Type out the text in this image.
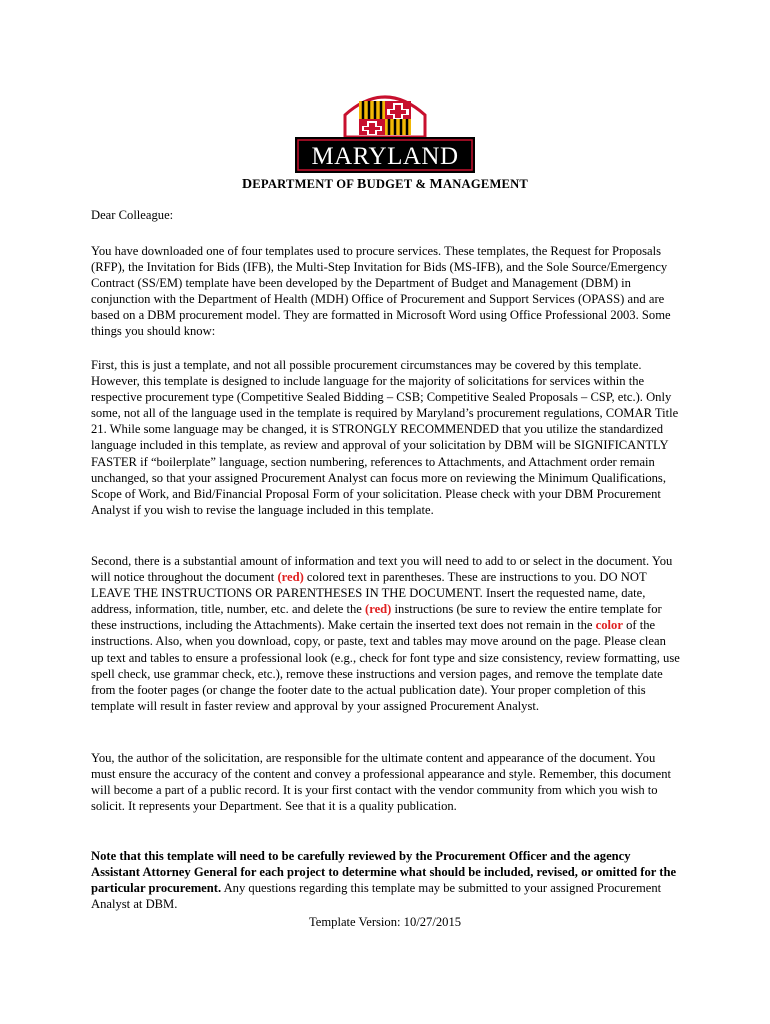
MARYLAND
DEPARTMENT OF BUDGET & MANAGEMENT
Dear Colleague:
You have downloaded one of four templates used to procure services. These templates, the Request for Proposals (RFP), the Invitation for Bids (IFB), the Multi-Step Invitation for Bids (MS-IFB), and the Sole Source/Emergency Contract (SS/EM) template have been developed by the Department of Budget and Management (DBM) in conjunction with the Department of Health (MDH) Office of Procurement and Support Services (OPASS) and are based on a DBM procurement model. They are formatted in Microsoft Word using Office Professional 2003. Some things you should know:
First, this is just a template, and not all possible procurement circumstances may be covered by this template. However, this template is designed to include language for the majority of solicitations for services within the respective procurement type (Competitive Sealed Bidding – CSB; Competitive Sealed Proposals – CSP, etc.). Only some, not all of the language used in the template is required by Maryland’s procurement regulations, COMAR Title 21. While some language may be changed, it is STRONGLY RECOMMENDED that you utilize the standardized language included in this template, as review and approval of your solicitation by DBM will be SIGNIFICANTLY FASTER if “boilerplate” language, section numbering, references to Attachments, and Attachment order remain unchanged, so that your assigned Procurement Analyst can focus more on reviewing the Minimum Qualifications, Scope of Work, and Bid/Financial Proposal Form of your solicitation. Please check with your DBM Procurement Analyst if you wish to revise the language included in this template.
Second, there is a substantial amount of information and text you will need to add to or select in the document. You will notice throughout the document (red) colored text in parentheses. These are instructions to you. DO NOT LEAVE THE INSTRUCTIONS OR PARENTHESES IN THE DOCUMENT. Insert the requested name, date, address, information, title, number, etc. and delete the (red) instructions (be sure to review the entire template for these instructions, including the Attachments). Make certain the inserted text does not remain in the color of the instructions. Also, when you download, copy, or paste, text and tables may move around on the page. Please clean up text and tables to ensure a professional look (e.g., check for font type and size consistency, review formatting, use spell check, use grammar check, etc.), remove these instructions and version pages, and remove the template date from the footer pages (or change the footer date to the actual publication date). Your proper completion of this template will result in faster review and approval by your assigned Procurement Analyst.
You, the author of the solicitation, are responsible for the ultimate content and appearance of the document. You must ensure the accuracy of the content and convey a professional appearance and style. Remember, this document will become a part of a public record. It is your first contact with the vendor community from which you wish to solicit. It represents your Department. See that it is a quality publication.
Note that this template will need to be carefully reviewed by the Procurement Officer and the agency Assistant Attorney General for each project to determine what should be included, revised, or omitted for the particular procurement. Any questions regarding this template may be submitted to your assigned Procurement Analyst at DBM.
Template Version: 10/27/2015
